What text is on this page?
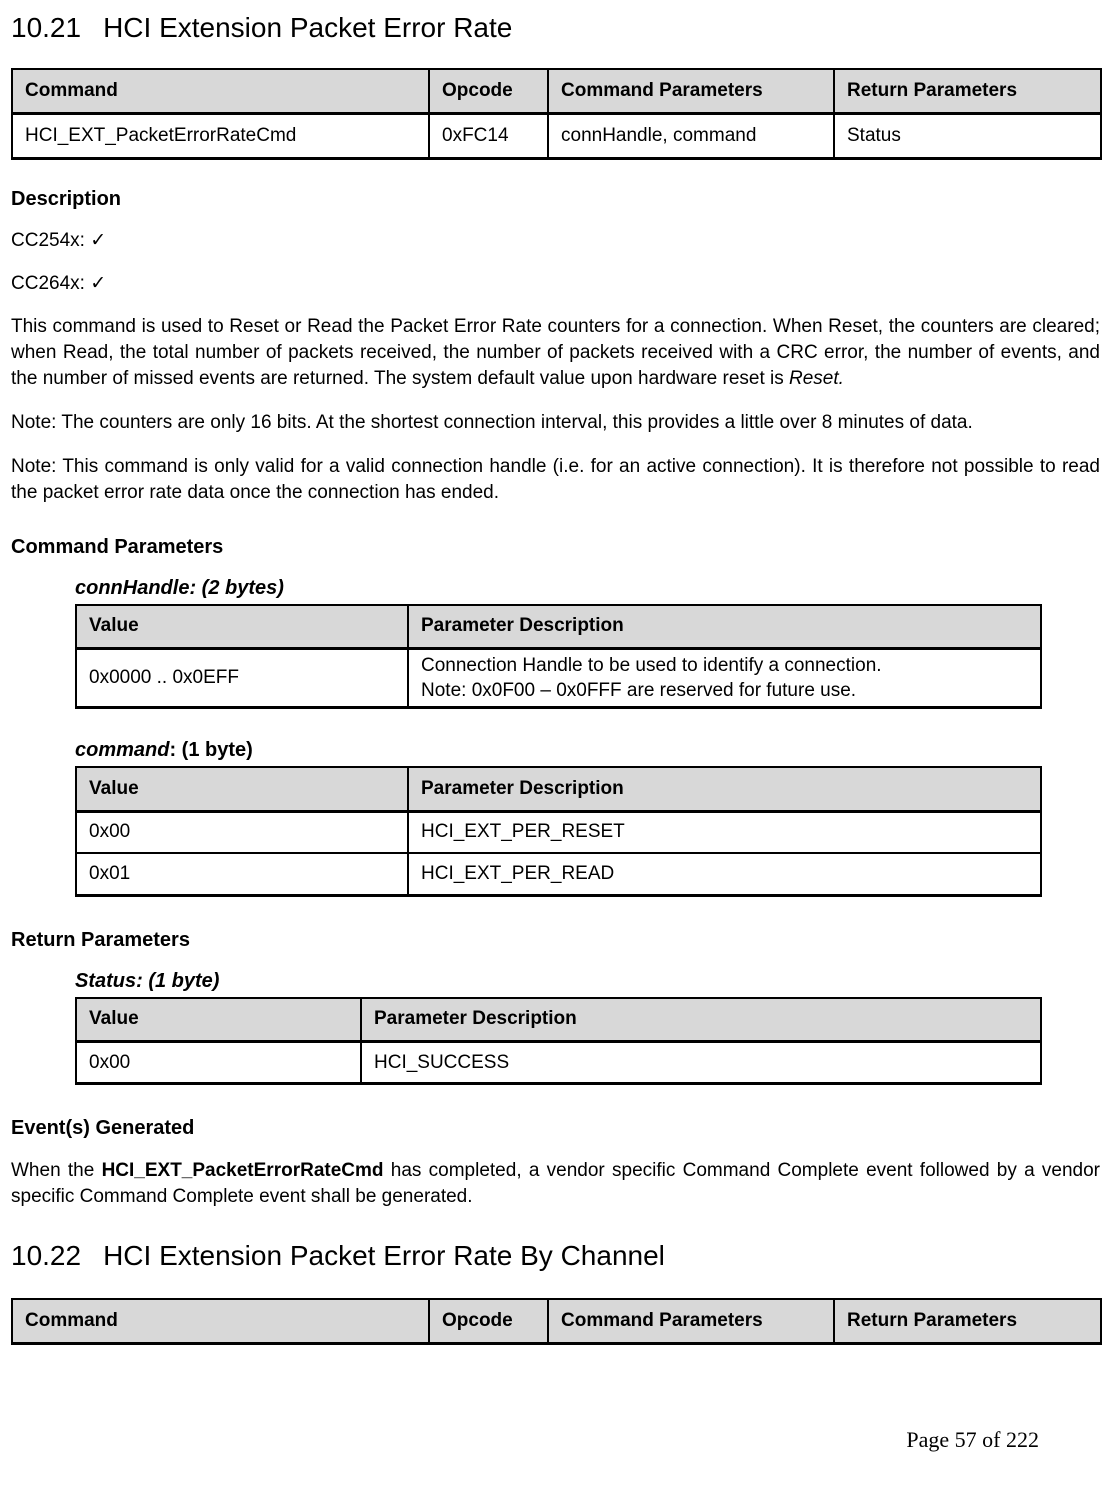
10.21 HCI Extension Packet Error Rate
Command	Opcode	Command Parameters	Return Parameters
HCI_EXT_PacketErrorRateCmd	0xFC14	connHandle, command	Status
Description
CC254x: ✓
CC264x: ✓

This command is used to Reset or Read the Packet Error Rate counters for a connection. When Reset, the counters are cleared; when Read, the total number of packets received, the number of packets received with a CRC error, the number of events, and the number of missed events are returned. The system default value upon hardware reset is Reset.

Note: The counters are only 16 bits. At the shortest connection interval, this provides a little over 8 minutes of data.

Note: This command is only valid for a valid connection handle (i.e. for an active connection). It is therefore not possible to read the packet error rate data once the connection has ended.

Command Parameters
connHandle: (2 bytes)
Value	Parameter Description
0x0000 .. 0x0EFF	Connection Handle to be used to identify a connection.
Note: 0x0F00 – 0x0FFF are reserved for future use.
command: (1 byte)
Value	Parameter Description
0x00	HCI_EXT_PER_RESET
0x01	HCI_EXT_PER_READ
Return Parameters
Status: (1 byte)
Value	Parameter Description
0x00	HCI_SUCCESS
Event(s) Generated

When the HCI_EXT_PacketErrorRateCmd has completed, a vendor specific Command Complete event followed by a vendor specific Command Complete event shall be generated.

10.22 HCI Extension Packet Error Rate By Channel
Command	Opcode	Command Parameters	Return Parameters
Page 57 of 222
